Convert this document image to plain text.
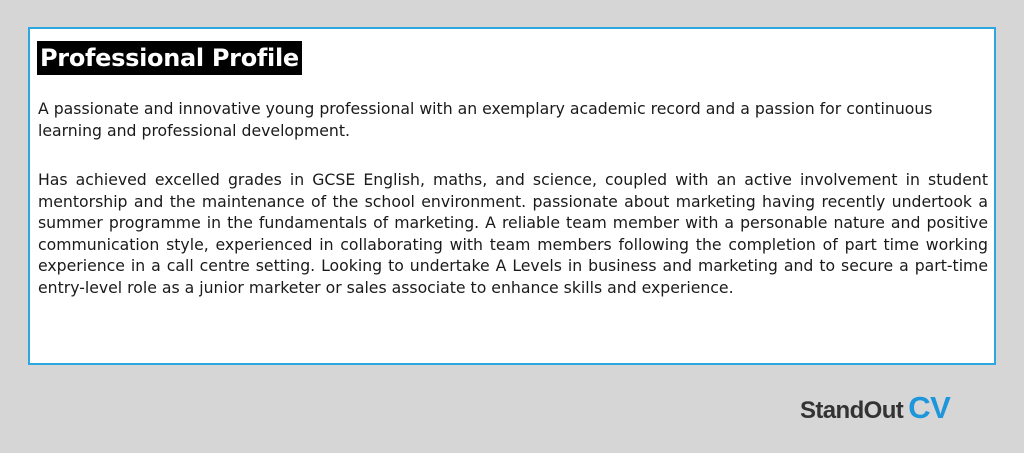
Professional Profile

A passionate and innovative young professional with an exemplary academic record and a passion for continuous learning and professional development.

Has achieved excelled grades in GCSE English, maths, and science, coupled with an active involvement in student mentorship and the maintenance of the school environment. passionate about marketing having recently undertook a summer programme in the fundamentals of marketing. A reliable team member with a personable nature and positive communication style, experienced in collaborating with team members following the completion of part time working experience in a call centre setting. Looking to undertake A Levels in business and marketing and to secure a part-time entry-level role as a junior marketer or sales associate to enhance skills and experience.

StandOut CV
